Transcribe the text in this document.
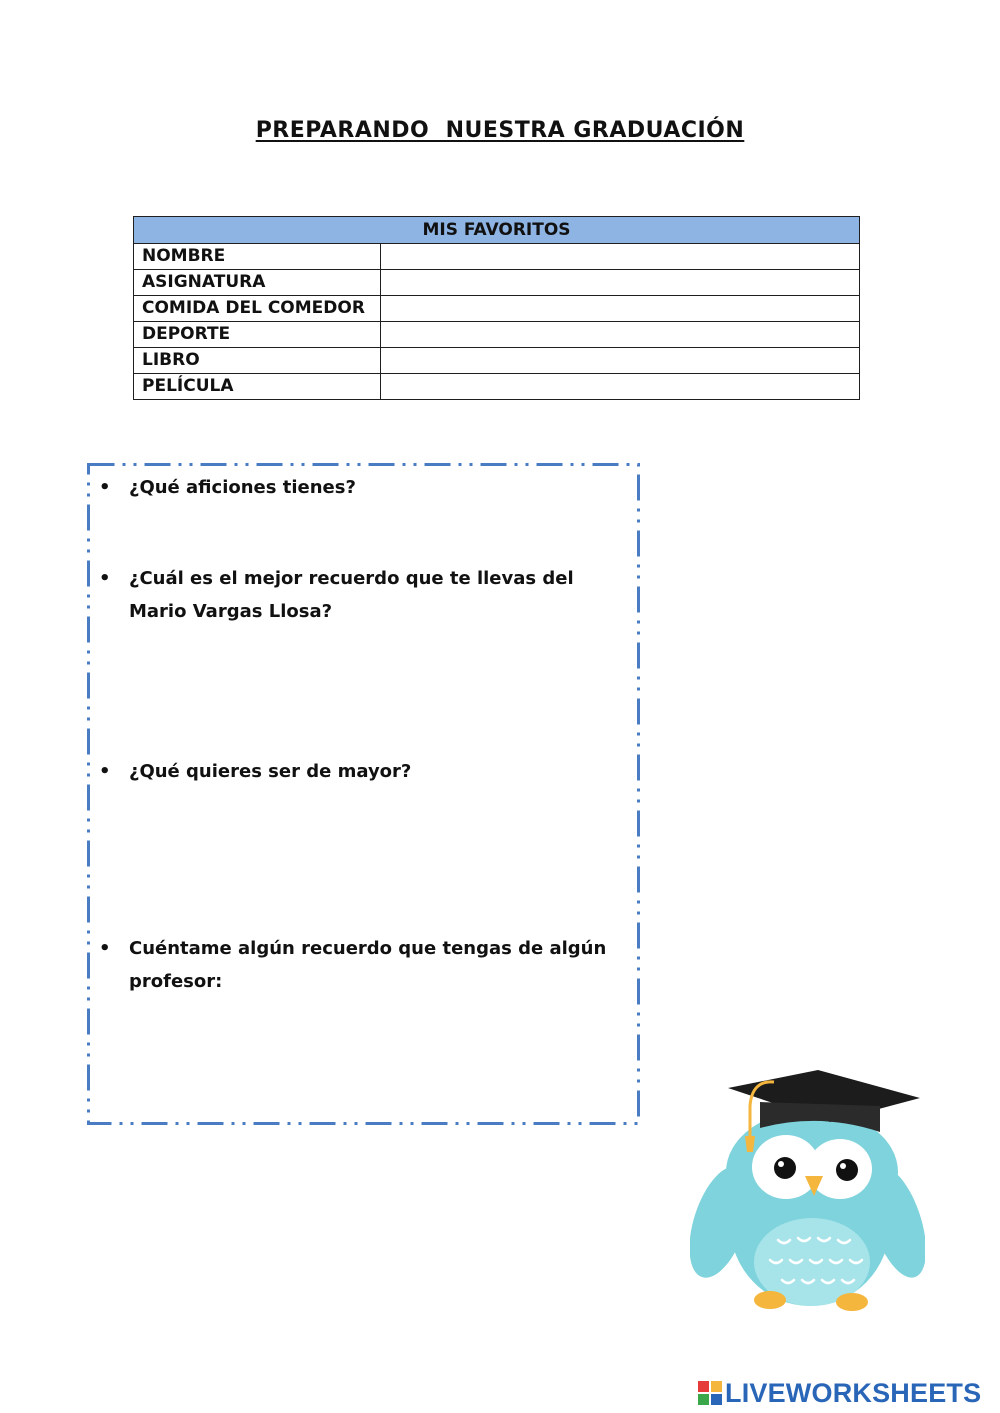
PREPARANDO  NUESTRA GRADUACIÓN
MIS FAVORITOS	
NOMBRE	
ASIGNATURA	
COMIDA DEL COMEDOR	
DEPORTE	
LIBRO	
PELÍCULA	
• ¿Qué aficiones tienes?
• ¿Cuál es el mejor recuerdo que te llevas del Mario Vargas Llosa?
• ¿Qué quieres ser de mayor?
• Cuéntame algún recuerdo que tengas de algún profesor:
LIVEWORKSHEETS
